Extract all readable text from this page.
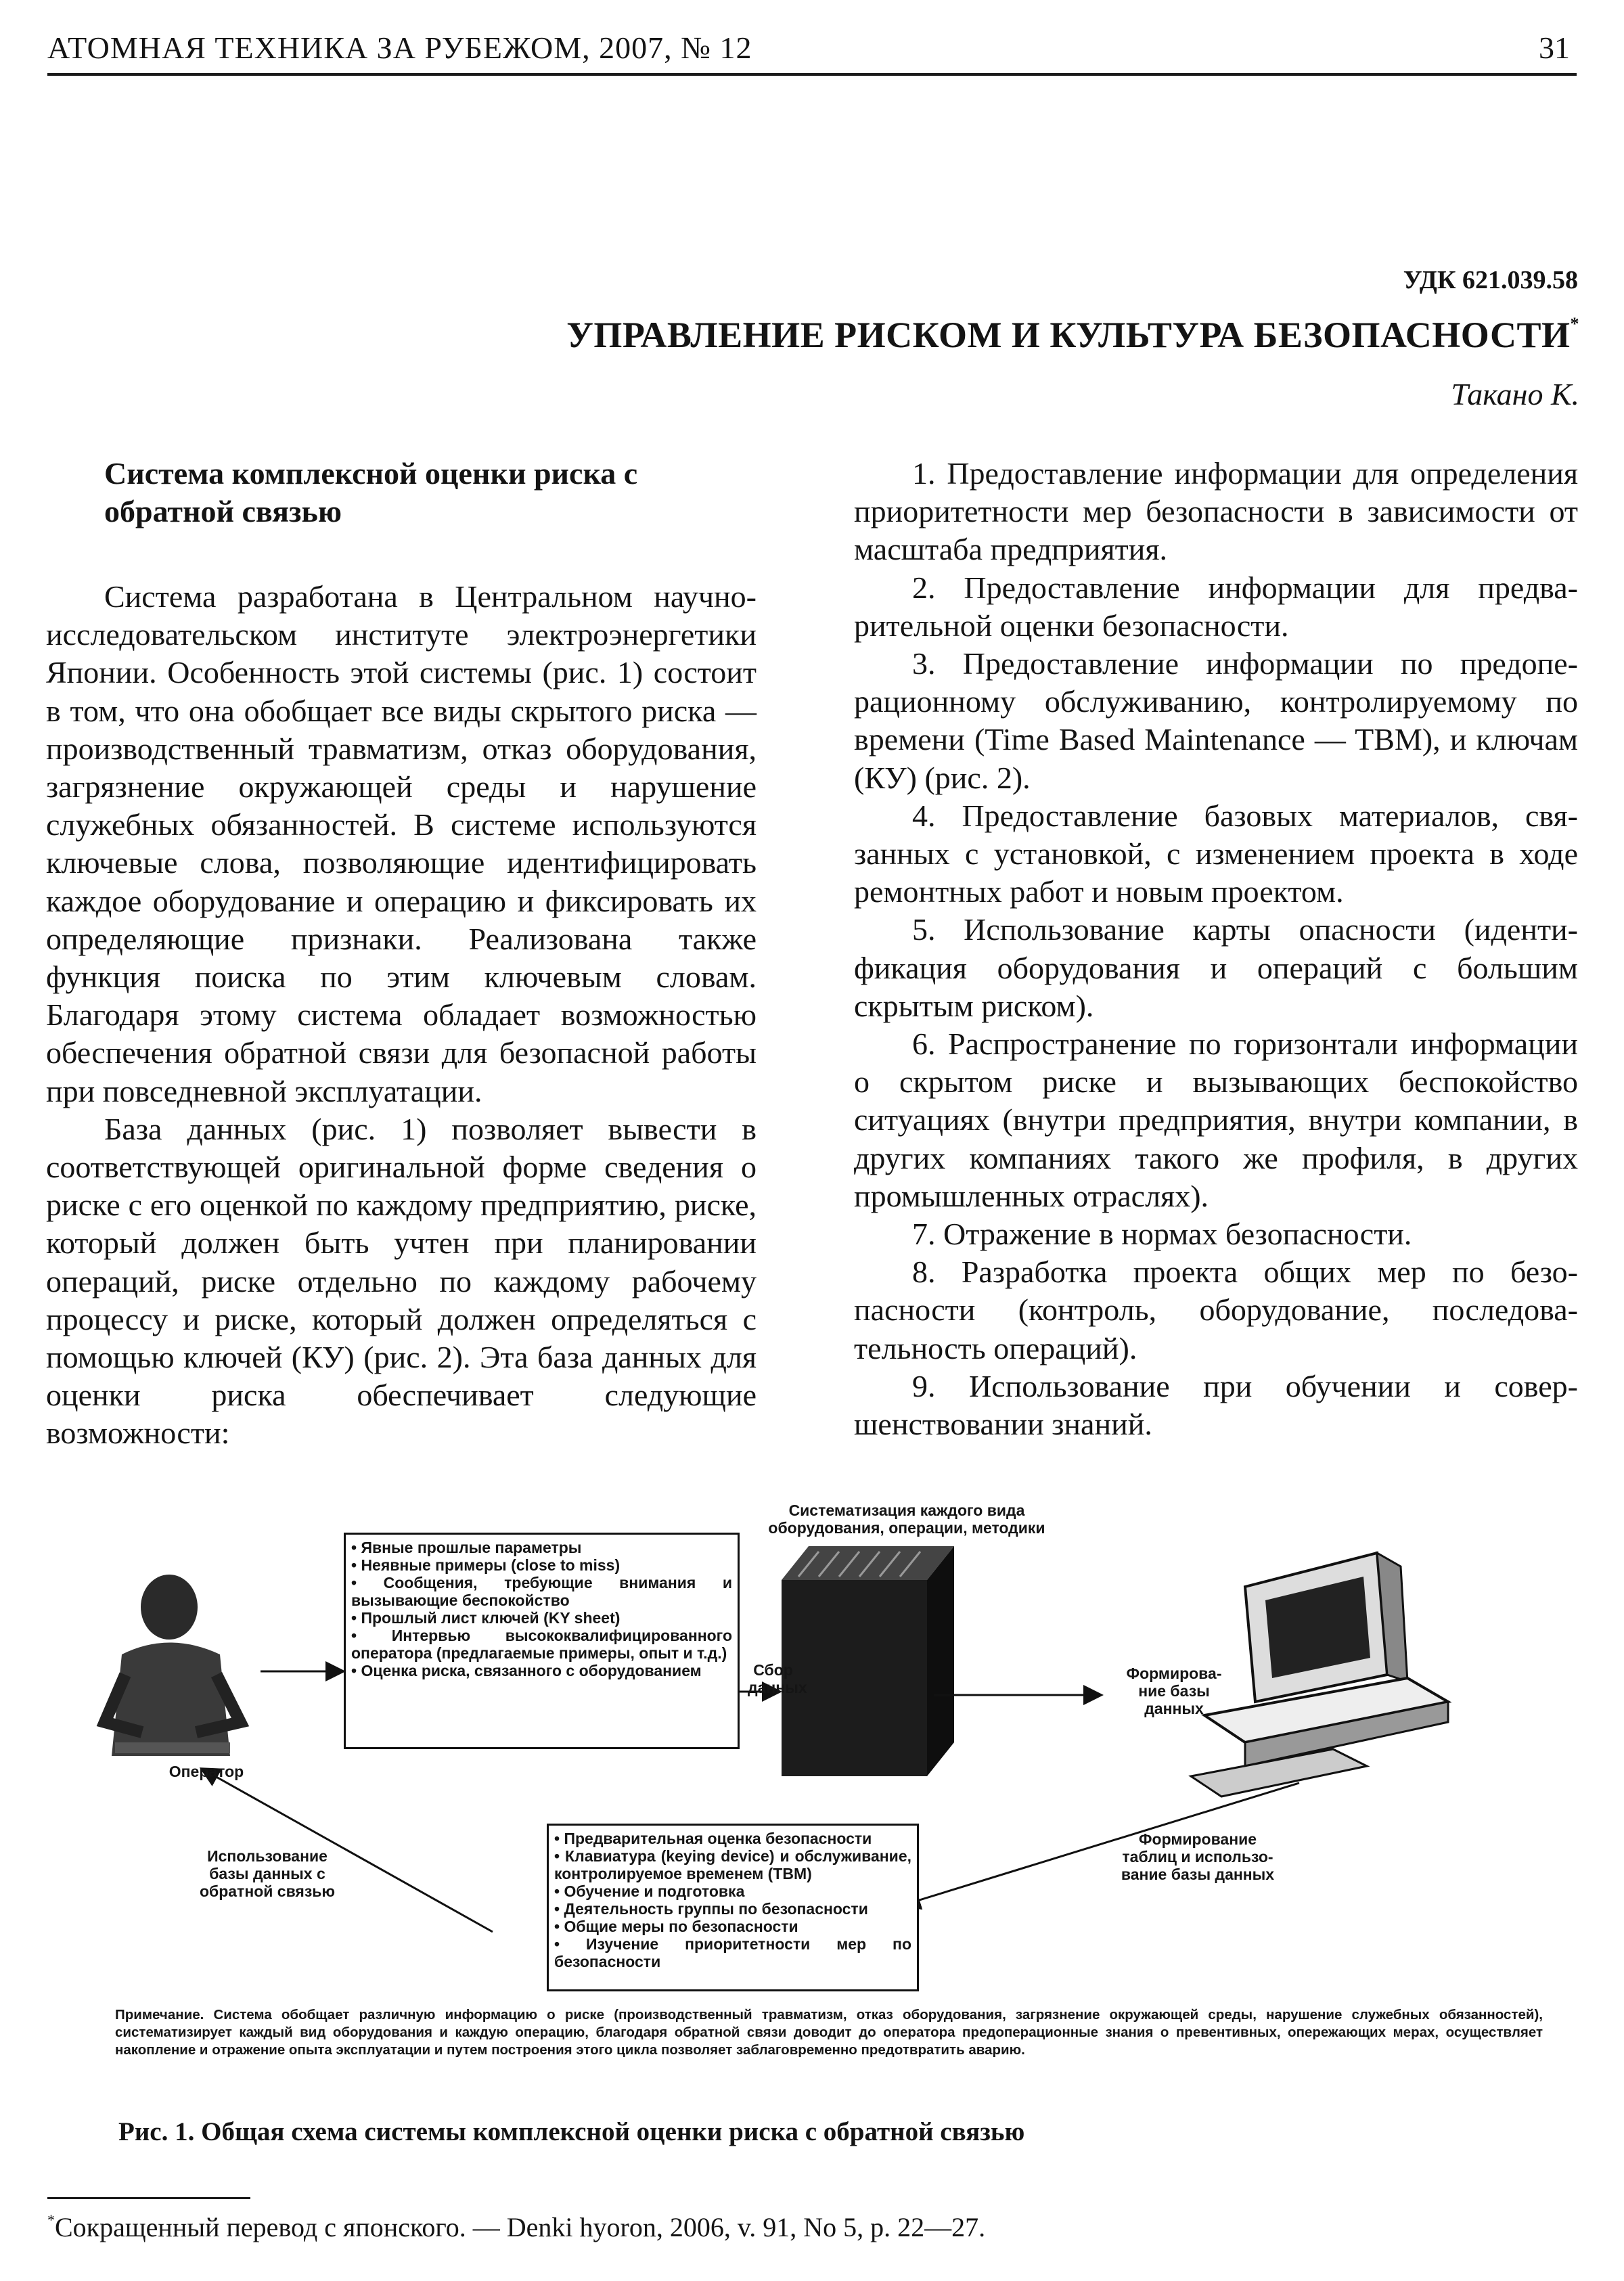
АТОМНАЯ ТЕХНИКА ЗА РУБЕЖОМ, 2007, № 12	31
УДК 621.039.58
УПРАВЛЕНИЕ РИСКОМ И КУЛЬТУРА БЕЗОПАСНОСТИ*
Такано К.

Система комплексной оценки риска с обратной связью

Система разработана в Центральном научно-исследовательском институте электроэнергетики Японии. Особенность этой системы (рис. 1) состоит в том, что она обобщает все виды скрытого риска — производственный травматизм, отказ оборудования, загрязнение окружающей среды и нарушение служебных обязанностей. В системе используются ключевые слова, позволяющие идентифицировать каждое оборудование и операцию и фиксировать их определяющие признаки. Реализована также функция поиска по этим ключевым словам. Благодаря этому система обладает возможностью обеспечения обратной связи для безопасной работы при повседневной эксплуатации.

База данных (рис. 1) позволяет вывести в соответствующей оригинальной форме сведения о риске с его оценкой по каждому предприятию, риске, который должен быть учтен при планировании операций, риске отдельно по каждому рабочему процессу и риске, который должен определяться с помощью ключей (КУ) (рис. 2). Эта база данных для оценки риска обеспечивает следующие возможности:

1. Предоставление информации для определения приоритетности мер безопасности в зависимости от масштаба предприятия.

2. Предоставление информации для предварительной оценки безопасности.

3. Предоставление информации по предоперационному обслуживанию, контролируемому по времени (Time Based Maintenance — TBM), и ключам (КУ) (рис. 2).

4. Предоставление базовых материалов, связанных с установкой, с изменением проекта в ходе ремонтных работ и новым проектом.

5. Использование карты опасности (идентификация оборудования и операций с большим скрытым риском).

6. Распространение по горизонтали информации о скрытом риске и вызывающих беспокойство ситуациях (внутри предприятия, внутри компании, в других компаниях такого же профиля, в других промышленных отраслях).

7. Отражение в нормах безопасности.

8. Разработка проекта общих мер по безопасности (контроль, оборудование, последовательность операций).

9. Использование при обучении и совершенствовании знаний.

Оператор
• Явные прошлые параметры
• Неявные примеры (close to miss)
• Сообщения, требующие внимания и вызывающие беспокойство
• Прошлый лист ключей (KY sheet)
• Интервью высококвалифицированного оператора (предлагаемые примеры, опыт и т.д.)
• Оценка риска, связанного с оборудованием	Сбор данных
Систематизация каждого вида оборудования, операции, методики
Формирование базы данных
Формирование таблиц и использование базы данных
• Предварительная оценка безопасности
• Клавиатура (keying device) и обслуживание, контролируемое временем (TBM)
• Обучение и подготовка
• Деятельность группы по безопасности
• Общие меры по безопасности
• Изучение приоритетности мер по безопасности
Использование базы данных с обратной связью
Примечание. Система обобщает различную информацию о риске (производственный травматизм, отказ оборудования, загрязнение окружающей среды, нарушение служебных обязанностей), систематизирует каждый вид оборудования и каждую операцию, благодаря обратной связи доводит до оператора предоперационные знания о превентивных, опережающих мерах, осуществляет накопление и отражение опыта эксплуатации и путем построения этого цикла позволяет заблаговременно предотвратить аварию.
Рис. 1. Общая схема системы комплексной оценки риска с обратной связью
*Сокращенный перевод с японского. — Denki hyoron, 2006, v. 91, No 5, p. 22—27.
